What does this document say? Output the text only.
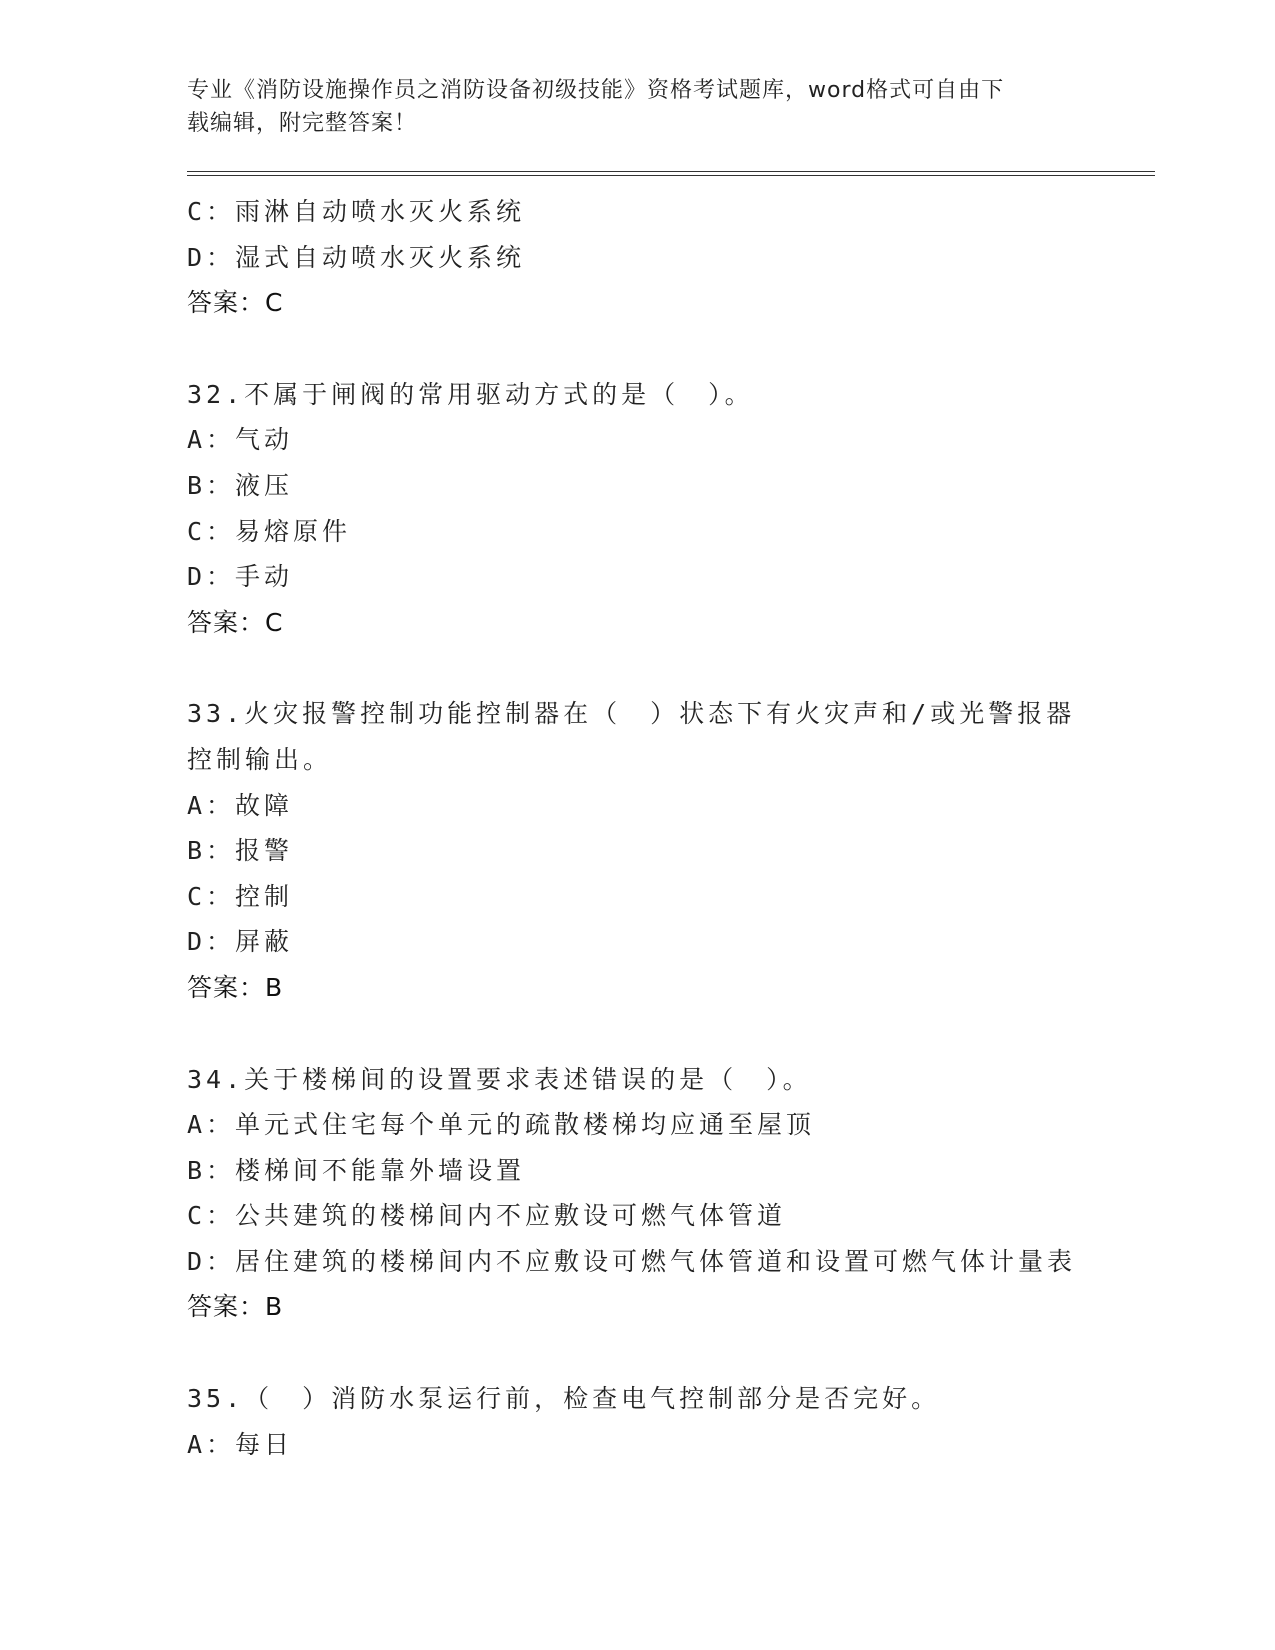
专业《消防设施操作员之消防设备初级技能》资格考试题库，word格式可自由下
载编辑，附完整答案！
C：雨淋自动喷水灭火系统
D：湿式自动喷水灭火系统
答案：C
32.不属于闸阀的常用驱动方式的是（　）。
A：气动
B：液压
C：易熔原件
D：手动
答案：C
33.火灾报警控制功能控制器在（　）状态下有火灾声和/或光警报器
控制输出。
A：故障
B：报警
C：控制
D：屏蔽
答案：B
34.关于楼梯间的设置要求表述错误的是（　）。
A：单元式住宅每个单元的疏散楼梯均应通至屋顶
B：楼梯间不能靠外墙设置
C：公共建筑的楼梯间内不应敷设可燃气体管道
D：居住建筑的楼梯间内不应敷设可燃气体管道和设置可燃气体计量表
答案：B
35.（　）消防水泵运行前，检查电气控制部分是否完好。
A：每日
